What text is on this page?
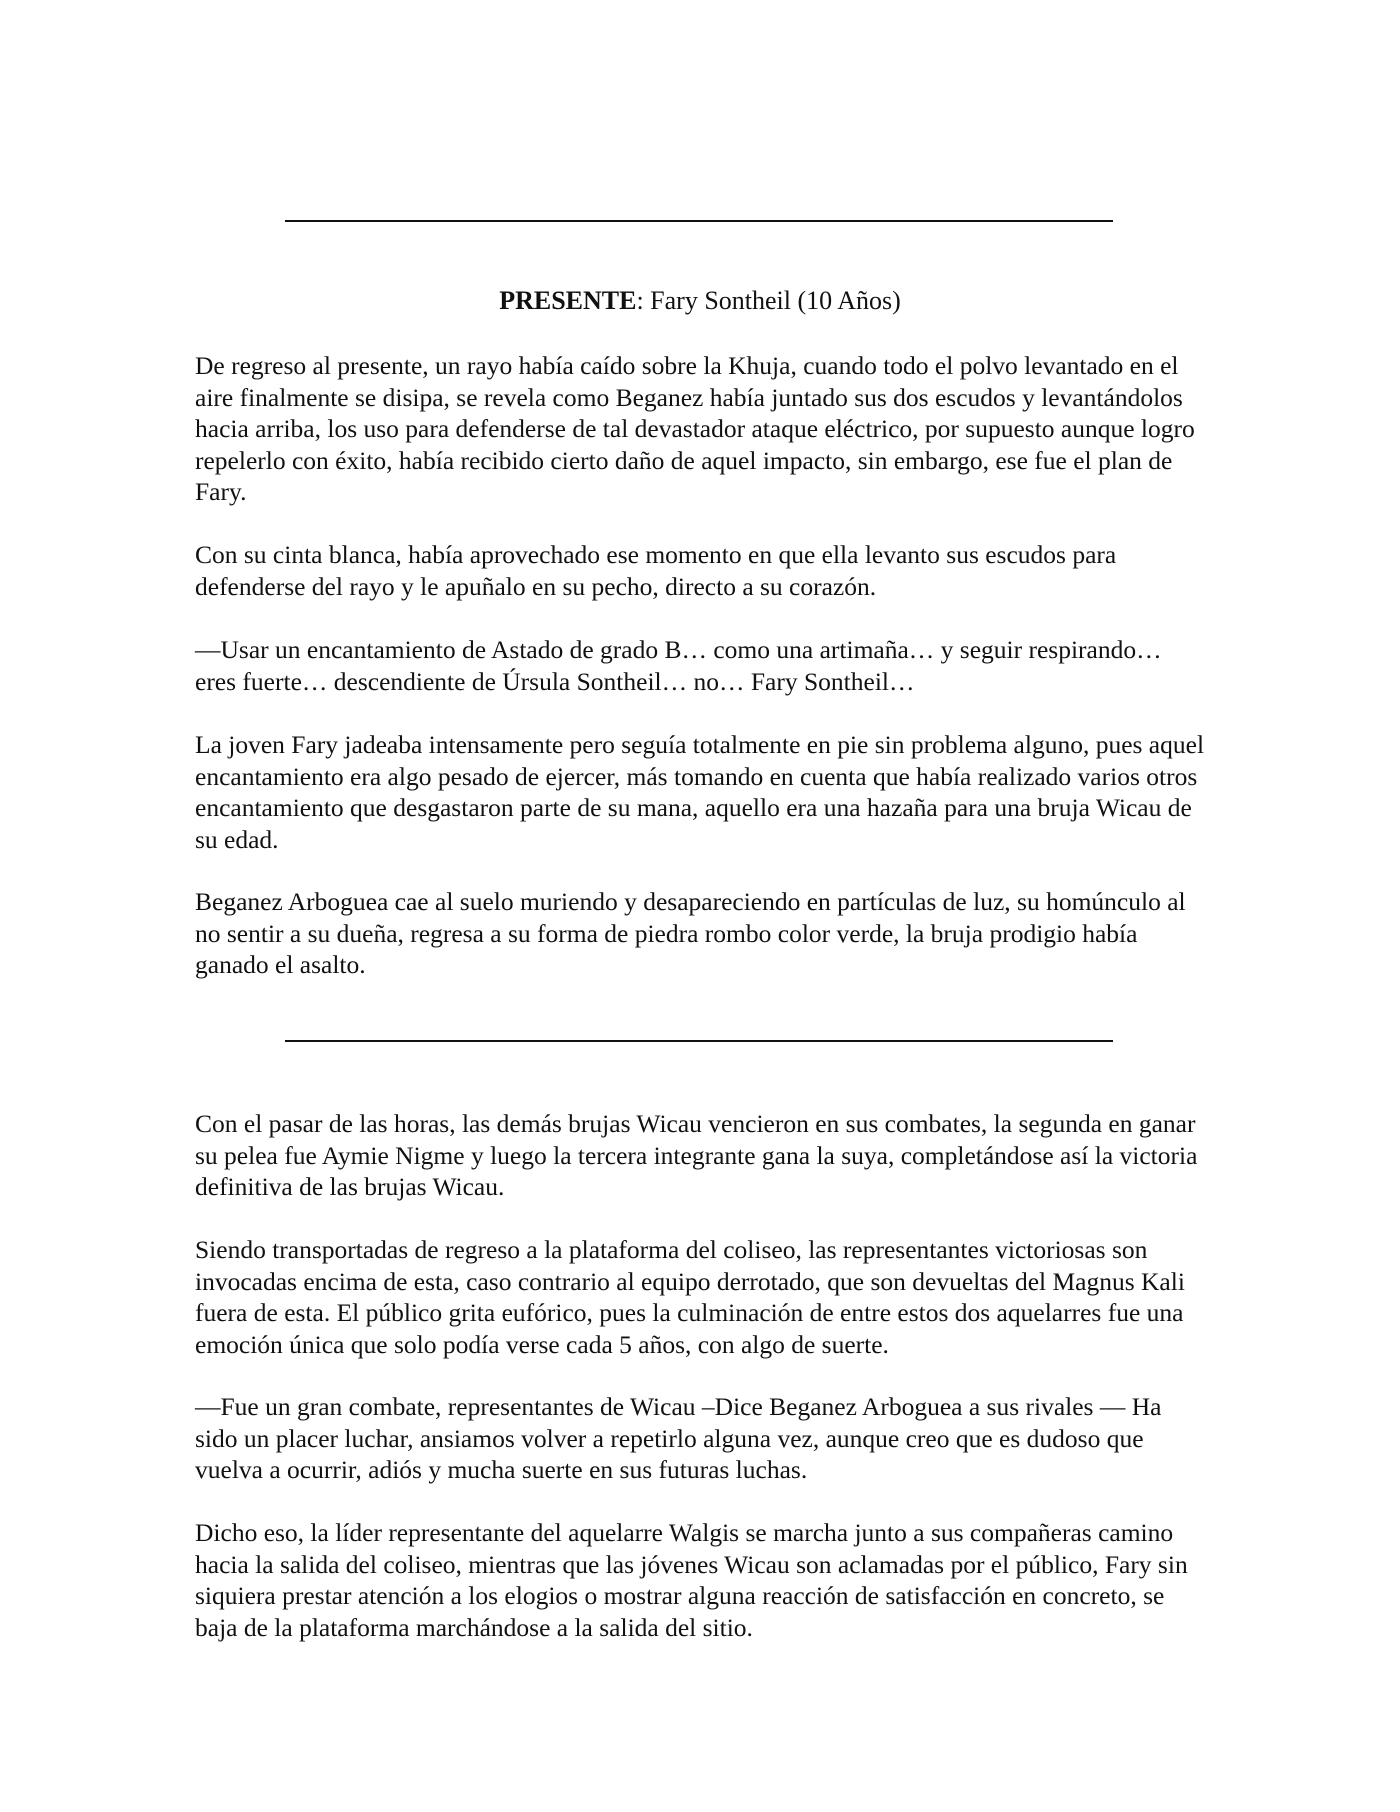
PRESENTE: Fary Sontheil (10 Años)

De regreso al presente, un rayo había caído sobre la Khuja, cuando todo el polvo levantado en el aire finalmente se disipa, se revela como Beganez había juntado sus dos escudos y levantándolos hacia arriba, los uso para defenderse de tal devastador ataque eléctrico, por supuesto aunque logro repelerlo con éxito, había recibido cierto daño de aquel impacto, sin embargo, ese fue el plan de Fary.

Con su cinta blanca, había aprovechado ese momento en que ella levanto sus escudos para defenderse del rayo y le apuñalo en su pecho, directo a su corazón.

—Usar un encantamiento de Astado de grado B… como una artimaña… y seguir respirando… eres fuerte… descendiente de Úrsula Sontheil… no… Fary Sontheil…

La joven Fary jadeaba intensamente pero seguía totalmente en pie sin problema alguno, pues aquel encantamiento era algo pesado de ejercer, más tomando en cuenta que había realizado varios otros encantamiento que desgastaron parte de su mana, aquello era una hazaña para una bruja Wicau de su edad.

Beganez Arboguea cae al suelo muriendo y desapareciendo en partículas de luz, su homúnculo al no sentir a su dueña, regresa a su forma de piedra rombo color verde, la bruja prodigio había ganado el asalto.

Con el pasar de las horas, las demás brujas Wicau vencieron en sus combates, la segunda en ganar su pelea fue Aymie Nigme y luego la tercera integrante gana la suya, completándose así la victoria definitiva de las brujas Wicau.

Siendo transportadas de regreso a la plataforma del coliseo, las representantes victoriosas son invocadas encima de esta, caso contrario al equipo derrotado, que son devueltas del Magnus Kali fuera de esta. El público grita eufórico, pues la culminación de entre estos dos aquelarres fue una emoción única que solo podía verse cada 5 años, con algo de suerte.

—Fue un gran combate, representantes de Wicau –Dice Beganez Arboguea a sus rivales — Ha sido un placer luchar, ansiamos volver a repetirlo alguna vez, aunque creo que es dudoso que vuelva a ocurrir, adiós y mucha suerte en sus futuras luchas.

Dicho eso, la líder representante del aquelarre Walgis se marcha junto a sus compañeras camino hacia la salida del coliseo, mientras que las jóvenes Wicau son aclamadas por el público, Fary sin siquiera prestar atención a los elogios o mostrar alguna reacción de satisfacción en concreto, se baja de la plataforma marchándose a la salida del sitio.
